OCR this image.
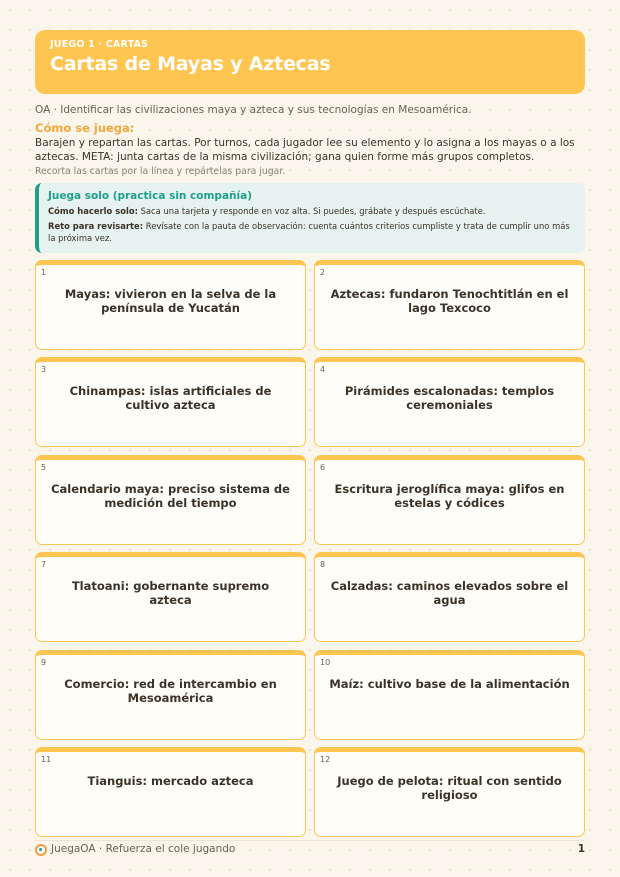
JUEGO 1 · CARTAS
Cartas de Mayas y Aztecas
OA · Identificar las civilizaciones maya y azteca y sus tecnologías en Mesoamérica.
Cómo se juega:
Barajen y repartan las cartas. Por turnos, cada jugador lee su elemento y lo asigna a los mayas o a los aztecas. META: junta cartas de la misma civilización; gana quien forme más grupos completos.
Recorta las cartas por la línea y repártelas para jugar.
Juega solo (practica sin compañía)
Cómo hacerlo solo: Saca una tarjeta y responde en voz alta. Si puedes, grábate y después escúchate.
Reto para revisarte: Revísate con la pauta de observación: cuenta cuántos criterios cumpliste y trata de cumplir uno más la próxima vez.
1
Mayas: vivieron en la selva de la península de Yucatán
2
Aztecas: fundaron Tenochtitlán en el lago Texcoco
3
Chinampas: islas artificiales de cultivo azteca
4
Pirámides escalonadas: templos ceremoniales
5
Calendario maya: preciso sistema de medición del tiempo
6
Escritura jeroglífica maya: glifos en estelas y códices
7
Tlatoani: gobernante supremo azteca
8
Calzadas: caminos elevados sobre el agua
9
Comercio: red de intercambio en Mesoamérica
10
Maíz: cultivo base de la alimentación
11
Tianguis: mercado azteca
12
Juego de pelota: ritual con sentido religioso
JuegaOA · Refuerza el cole jugando	1
